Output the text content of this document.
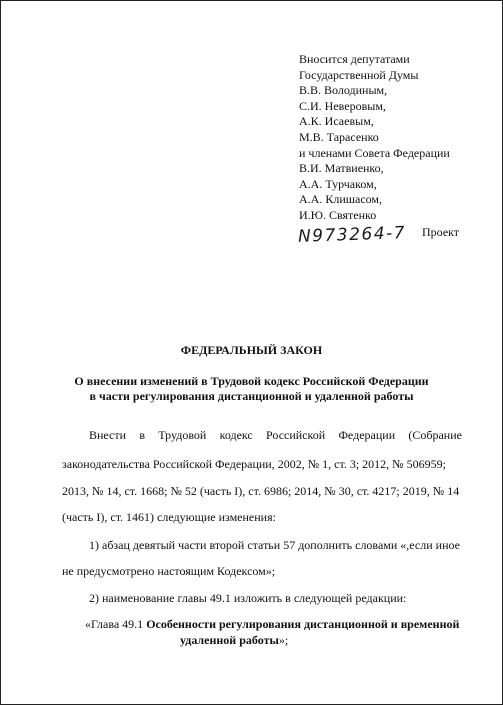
Вносится депутатами
Государственной Думы
В.В. Володиным,
С.И. Неверовым,
А.К. Исаевым,
М.В. Тарасенко
и членами Совета Федерации
В.И. Матвиенко,
А.А. Турчаком,
А.А. Клишасом,
И.Ю. Святенко
N973264-7 Проект
ФЕДЕРАЛЬНЫЙ ЗАКОН
О внесении изменений в Трудовой кодекс Российской Федерации
в части регулирования дистанционной и удаленной работы
Внести в Трудовой кодекс Российской Федерации (Собрание
законодательства Российской Федерации, 2002, № 1, ст. 3; 2012, № 506959;
2013, № 14, ст. 1668; № 52 (часть I), ст. 6986; 2014, № 30, ст. 4217; 2019, № 14
(часть I), ст. 1461) следующие изменения:
1) абзац девятый части второй статьи 57 дополнить словами «,если иное
не предусмотрено настоящим Кодексом»;
2) наименование главы 49.1 изложить в следующей редакции:
«Глава 49.1 Особенности регулирования дистанционной и временной
удаленной работы»;
